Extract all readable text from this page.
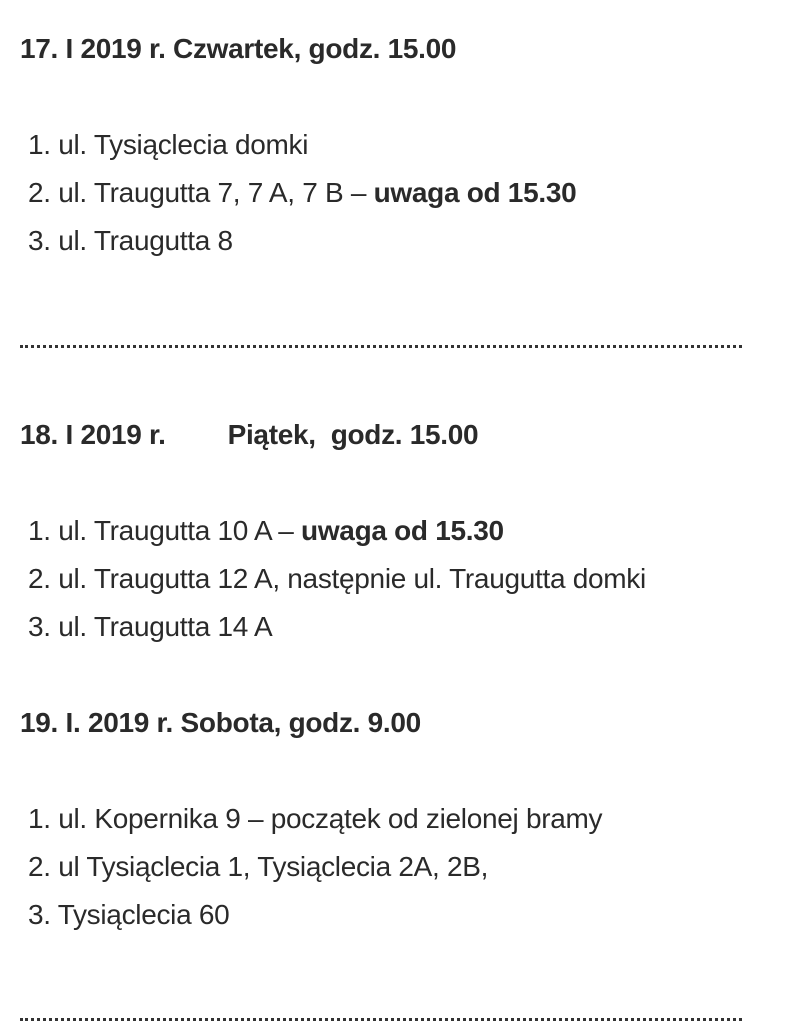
17. I 2019 r. Czwartek, godz. 15.00
1. ul. Tysiąclecia domki
2. ul. Traugutta 7, 7 A, 7 B – uwaga od 15.30
3. ul. Traugutta 8
18. I 2019 r. Piątek,  godz. 15.00
1. ul. Traugutta 10 A – uwaga od 15.30
2. ul. Traugutta 12 A, następnie ul. Traugutta domki
3. ul. Traugutta 14 A
19. I. 2019 r. Sobota, godz. 9.00
1. ul. Kopernika 9 – początek od zielonej bramy
2. ul Tysiąclecia 1, Tysiąclecia 2A, 2B,
3. Tysiąclecia 60
